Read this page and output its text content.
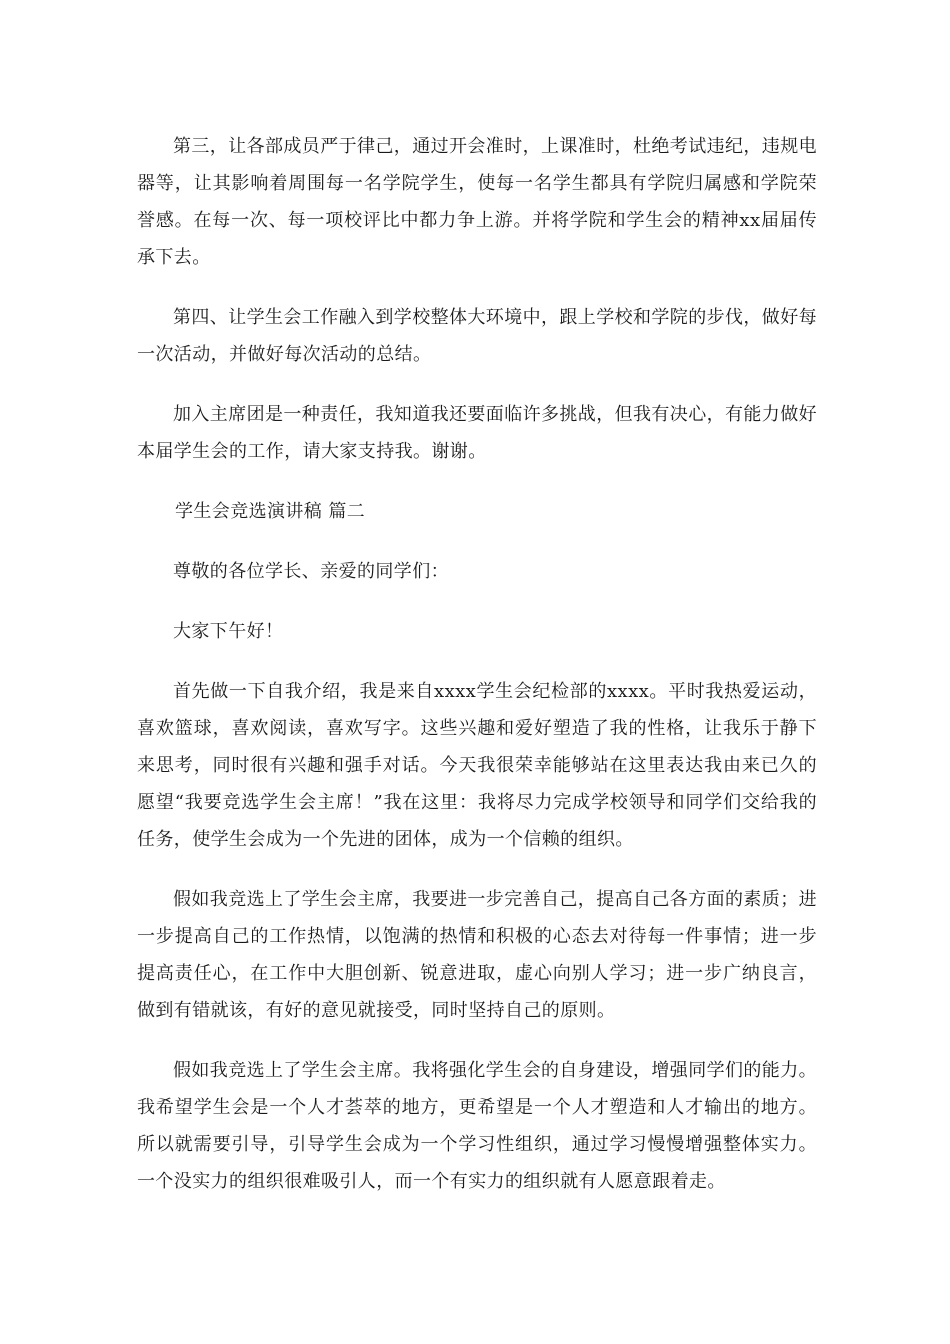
第三，让各部成员严于律己，通过开会准时，上课准时，杜绝考试违纪，违规电器等，让其影响着周围每一名学院学生，使每一名学生都具有学院归属感和学院荣誉感。在每一次、每一项校评比中都力争上游。并将学院和学生会的精神xx届届传承下去。

第四、让学生会工作融入到学校整体大环境中，跟上学校和学院的步伐，做好每一次活动，并做好每次活动的总结。

加入主席团是一种责任，我知道我还要面临许多挑战，但我有决心，有能力做好本届学生会的工作，请大家支持我。谢谢。

学生会竞选演讲稿 篇二

尊敬的各位学长、亲爱的同学们：

大家下午好！

首先做一下自我介绍，我是来自xxxx学生会纪检部的xxxx。平时我热爱运动，喜欢篮球，喜欢阅读，喜欢写字。这些兴趣和爱好塑造了我的性格，让我乐于静下来思考，同时很有兴趣和强手对话。今天我很荣幸能够站在这里表达我由来已久的愿望“我要竞选学生会主席！”我在这里：我将尽力完成学校领导和同学们交给我的任务，使学生会成为一个先进的团体，成为一个信赖的组织。

假如我竞选上了学生会主席，我要进一步完善自己，提高自己各方面的素质；进一步提高自己的工作热情，以饱满的热情和积极的心态去对待每一件事情；进一步提高责任心，在工作中大胆创新、锐意进取，虚心向别人学习；进一步广纳良言，做到有错就该，有好的意见就接受，同时坚持自己的原则。

假如我竞选上了学生会主席。我将强化学生会的自身建设，增强同学们的能力。我希望学生会是一个人才荟萃的地方，更希望是一个人才塑造和人才输出的地方。所以就需要引导，引导学生会成为一个学习性组织，通过学习慢慢增强整体实力。一个没实力的组织很难吸引人，而一个有实力的组织就有人愿意跟着走。
